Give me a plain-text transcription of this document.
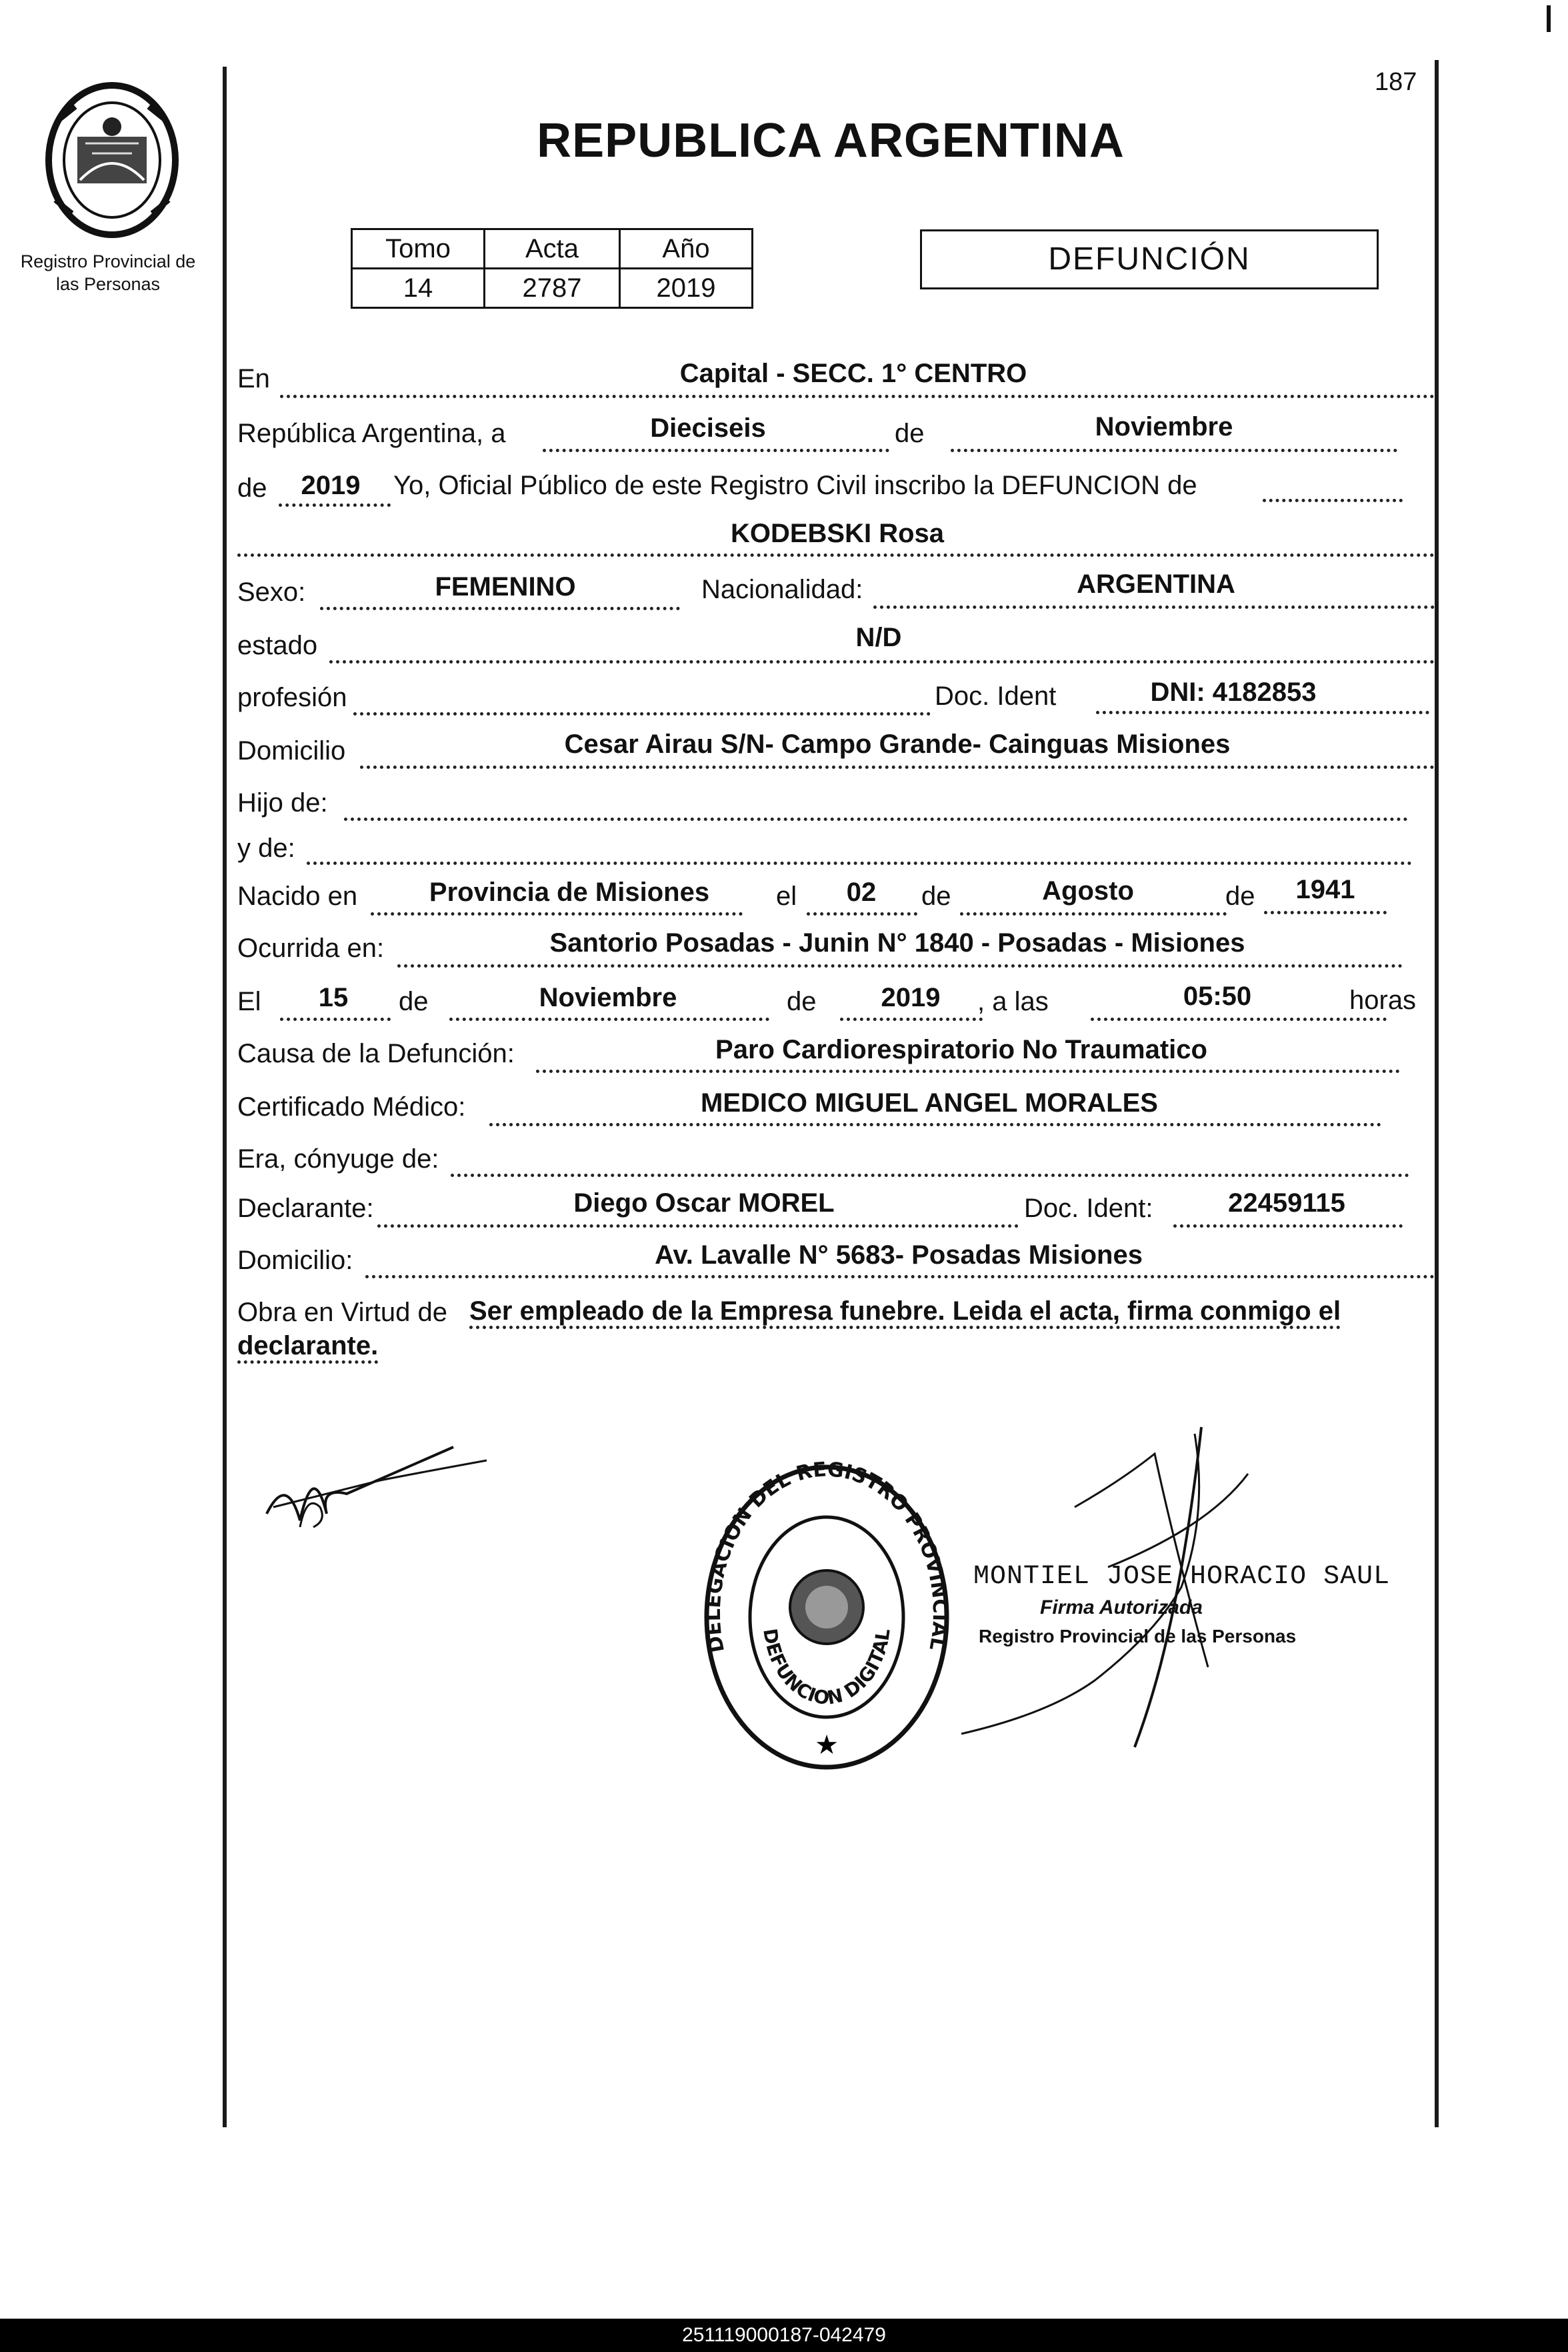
Registro Provincial de las Personas
187
REPUBLICA ARGENTINA
Tomo	Acta	Año
14	2787	2019
DEFUNCIÓN
En	Capital - SECC. 1° CENTRO
República Argentina, a	Dieciseis	de	Noviembre
de 2019 Yo, Oficial Público de este Registro Civil inscribo la DEFUNCION de
KODEBSKI Rosa
Sexo:	FEMENINO	Nacionalidad:	ARGENTINA
estado	N/D
profesión	Doc. Ident	DNI: 4182853
Domicilio	Cesar Airau S/N- Campo Grande- Cainguas Misiones
Hijo de:
y de:
Nacido en	Provincia de Misiones el 02 de	Agosto	de 1941
Ocurrida en:	Santorio Posadas - Junin N° 1840 - Posadas - Misiones
El 15 de	Noviembre	de 2019 , a las	05:50	horas
Causa de la Defunción:	Paro Cardiorespiratorio No Traumatico
Certificado Médico:	MEDICO MIGUEL ANGEL MORALES
Era, cónyuge de:
Declarante:	Diego Oscar MOREL	Doc. Ident:	22459115
Domicilio:	Av. Lavalle N° 5683- Posadas Misiones
Obra en Virtud de Ser empleado de la Empresa funebre. Leida el acta, firma conmigo el
declarante.
★
DELEGACION DEL REGISTRO PROVINCIAL DE LAS PERSONAS
DEFUNCION DIGITAL
MONTIEL JOSE HORACIO SAUL
Firma Autorizada
Registro Provincial de las Personas
251119000187-042479
